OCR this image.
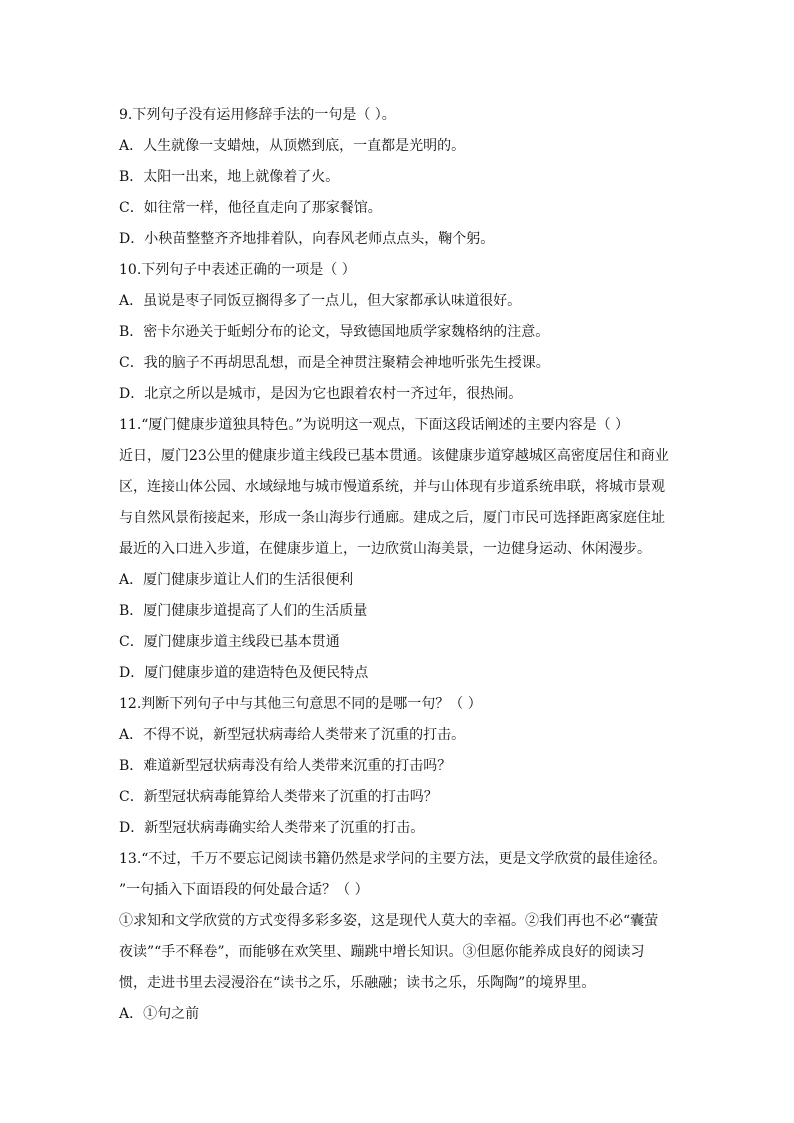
9.下列句子没有运用修辞手法的一句是（ ）。

A．人生就像一支蜡烛，从顶燃到底，一直都是光明的。

B．太阳一出来，地上就像着了火。

C．如往常一样，他径直走向了那家餐馆。

D．小秧苗整整齐齐地排着队，向春风老师点点头，鞠个躬。

10.下列句子中表述正确的一项是（ ）

A．虽说是枣子同饭豆搁得多了一点儿，但大家都承认味道很好。

B．密卡尔逊关于蚯蚓分布的论文，导致德国地质学家魏格纳的注意。

C．我的脑子不再胡思乱想，而是全神贯注聚精会神地听张先生授课。

D．北京之所以是城市，是因为它也跟着农村一齐过年，很热闹。

11.“厦门健康步道独具特色。”为说明这一观点，下面这段话阐述的主要内容是（ ）

近日，厦门23公里的健康步道主线段已基本贯通。该健康步道穿越城区高密度居住和商业

区，连接山体公园、水域绿地与城市慢道系统，并与山体现有步道系统串联，将城市景观

与自然风景衔接起来，形成一条山海步行通廊。建成之后，厦门市民可选择距离家庭住址

最近的入口进入步道，在健康步道上，一边欣赏山海美景，一边健身运动、休闲漫步。

A．厦门健康步道让人们的生活很便利

B．厦门健康步道提高了人们的生活质量

C．厦门健康步道主线段已基本贯通

D．厦门健康步道的建造特色及便民特点

12.判断下列句子中与其他三句意思不同的是哪一句？（ ）

A．不得不说，新型冠状病毒给人类带来了沉重的打击。

B．难道新型冠状病毒没有给人类带来沉重的打击吗？

C．新型冠状病毒能算给人类带来了沉重的打击吗？

D．新型冠状病毒确实给人类带来了沉重的打击。

13.“不过，千万不要忘记阅读书籍仍然是求学问的主要方法，更是文学欣赏的最佳途径。

”一句插入下面语段的何处最合适？（ ）

①求知和文学欣赏的方式变得多彩多姿，这是现代人莫大的幸福。②我们再也不必“囊萤

夜读”“手不释卷”，而能够在欢笑里、蹦跳中增长知识。③但愿你能养成良好的阅读习

惯，走进书里去浸漫浴在“读书之乐，乐融融；读书之乐，乐陶陶”的境界里。

A．①句之前
